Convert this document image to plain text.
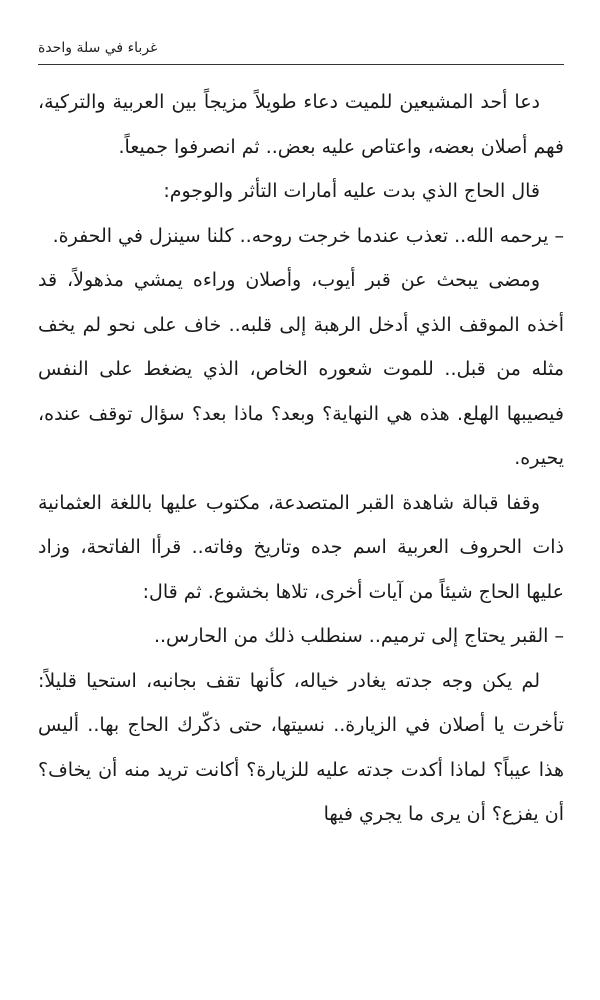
غرباء في سلة واحدة

دعا أحد المشيعين للميت دعاء طويلاً مزيجاً بين العربية والتركية، فهم أصلان بعضه، واعتاص عليه بعض.. ثم انصرفوا جميعاً.

قال الحاج الذي بدت عليه أمارات التأثر والوجوم:

– يرحمه الله.. تعذب عندما خرجت روحه.. كلنا سينزل في الحفرة.

ومضى يبحث عن قبر أيوب، وأصلان وراءه يمشي مذهولاً، قد أخذه الموقف الذي أدخل الرهبة إلى قلبه.. خاف على نحو لم يخف مثله من قبل.. للموت شعوره الخاص، الذي يضغط على النفس فيصيبها الهلع. هذه هي النهاية؟ وبعد؟ ماذا بعد؟ سؤال توقف عنده، يحيره.

وقفا قبالة شاهدة القبر المتصدعة، مكتوب عليها باللغة العثمانية ذات الحروف العربية اسم جده وتاريخ وفاته.. قرأا الفاتحة، وزاد عليها الحاج شيئاً من آيات أخرى، تلاها بخشوع. ثم قال:

– القبر يحتاج إلى ترميم.. سنطلب ذلك من الحارس..

لم يكن وجه جدته يغادر خياله، كأنها تقف بجانبه، استحيا قليلاً: تأخرت يا أصلان في الزيارة.. نسيتها، حتى ذكّرك الحاج بها.. أليس هذا عيباً؟ لماذا أكدت جدته عليه للزيارة؟ أكانت تريد منه أن يخاف؟ أن يفزع؟ أن يرى ما يجري فيها
